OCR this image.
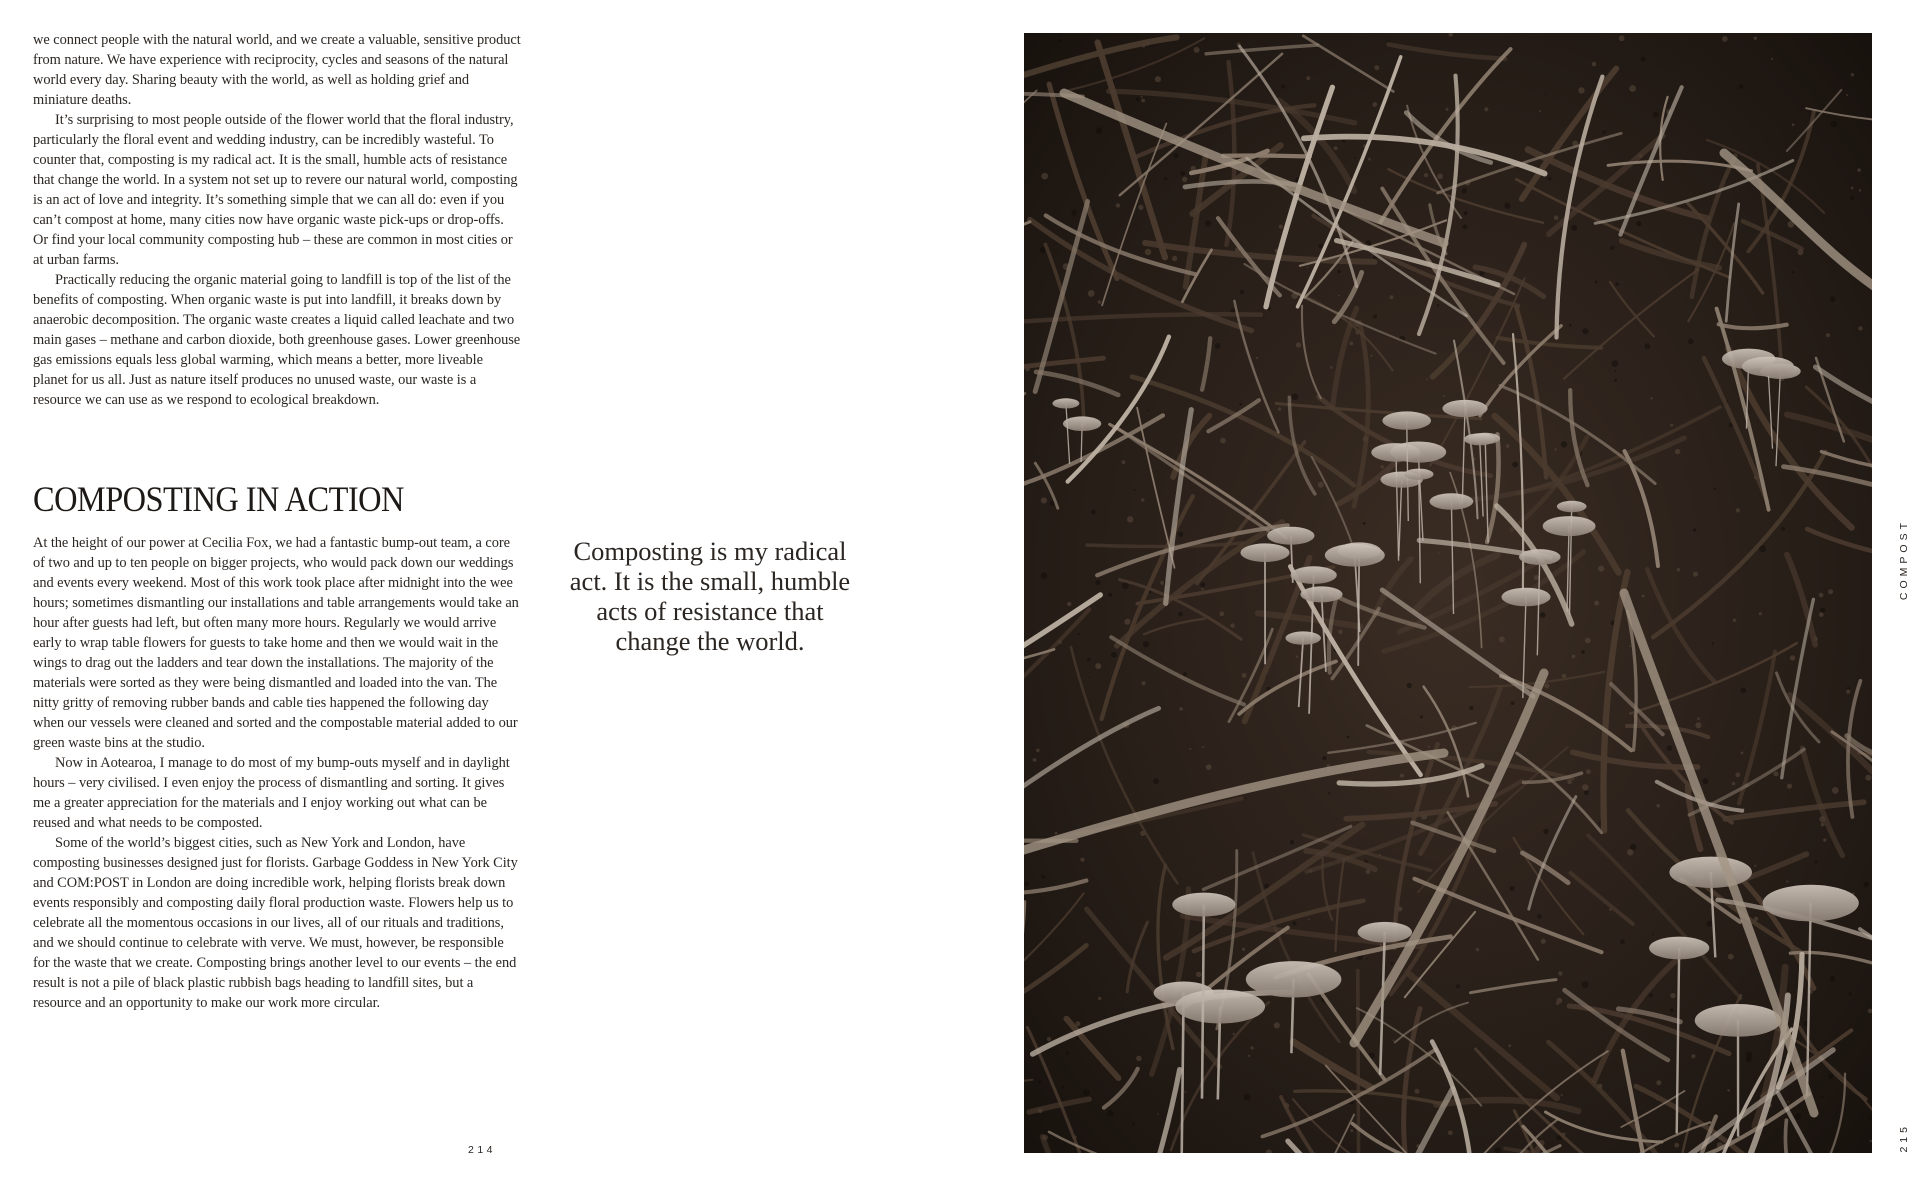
we connect people with the natural world, and we create a valuable, sensitive product from nature. We have experience with reciprocity, cycles and seasons of the natural world every day. Sharing beauty with the world, as well as holding grief and miniature deaths.

It’s surprising to most people outside of the flower world that the floral industry, particularly the floral event and wedding industry, can be incredibly wasteful. To counter that, composting is my radical act. It is the small, humble acts of resistance that change the world. In a system not set up to revere our natural world, composting is an act of love and integrity. It’s something simple that we can all do: even if you can’t compost at home, many cities now have organic waste pick-ups or drop-offs. Or find your local community composting hub – these are common in most cities or at urban farms.

Practically reducing the organic material going to landfill is top of the list of the benefits of composting. When organic waste is put into landfill, it breaks down by anaerobic decomposition. The organic waste creates a liquid called leachate and two main gases – methane and carbon dioxide, both greenhouse gases. Lower greenhouse gas emissions equals less global warming, which means a better, more liveable planet for us all. Just as nature itself produces no unused waste, our waste is a resource we can use as we respond to ecological breakdown.

COMPOSTING IN ACTION

At the height of our power at Cecilia Fox, we had a fantastic bump-out team, a core of two and up to ten people on bigger projects, who would pack down our weddings and events every weekend. Most of this work took place after midnight into the wee hours; sometimes dismantling our installations and table arrangements would take an hour after guests had left, but often many more hours. Regularly we would arrive early to wrap table flowers for guests to take home and then we would wait in the wings to drag out the ladders and tear down the installations. The majority of the materials were sorted as they were being dismantled and loaded into the van. The nitty gritty of removing rubber bands and cable ties happened the following day when our vessels were cleaned and sorted and the compostable material added to our green waste bins at the studio.

Now in Aotearoa, I manage to do most of my bump-outs myself and in daylight hours – very civilised. I even enjoy the process of dismantling and sorting. It gives me a greater appreciation for the materials and I enjoy working out what can be reused and what needs to be composted.

Some of the world’s biggest cities, such as New York and London, have composting businesses designed just for florists. Garbage Goddess in New York City and COM:POST in London are doing incredible work, helping florists break down events responsibly and composting daily floral production waste. Flowers help us to celebrate all the momentous occasions in our lives, all of our rituals and traditions, and we should continue to celebrate with verve. We must, however, be responsible for the waste that we create. Composting brings another level to our events – the end result is not a pile of black plastic rubbish bags heading to landfill sites, but a resource and an opportunity to make our work more circular.

Composting is my radical act. It is the small, humble acts of resistance that change the world.

214
COMPOST
215
